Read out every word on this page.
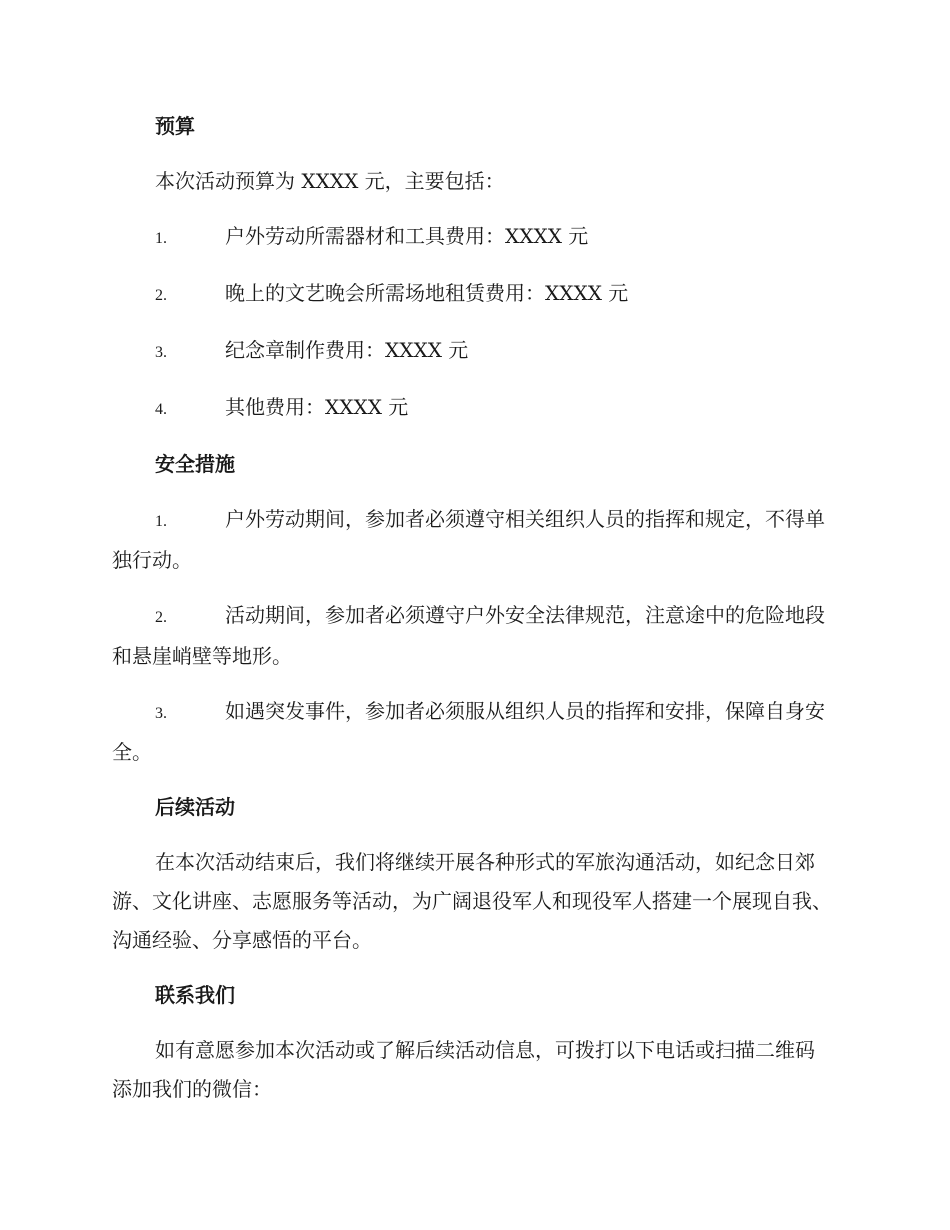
预算

本次活动预算为 XXXX 元，主要包括：

1.	户外劳动所需器材和工具费用：XXXX 元

2.	晚上的文艺晚会所需场地租赁费用：XXXX 元

3.	纪念章制作费用：XXXX 元

4.	其他费用：XXXX 元

安全措施

1.	户外劳动期间，参加者必须遵守相关组织人员的指挥和规定，不得单独行动。

2.	活动期间，参加者必须遵守户外安全法律规范，注意途中的危险地段和悬崖峭壁等地形。

3.	如遇突发事件，参加者必须服从组织人员的指挥和安排，保障自身安全。

后续活动

在本次活动结束后，我们将继续开展各种形式的军旅沟通活动，如纪念日郊游、文化讲座、志愿服务等活动，为广阔退役军人和现役军人搭建一个展现自我、沟通经验、分享感悟的平台。

联系我们

如有意愿参加本次活动或了解后续活动信息，可拨打以下电话或扫描二维码添加我们的微信：
